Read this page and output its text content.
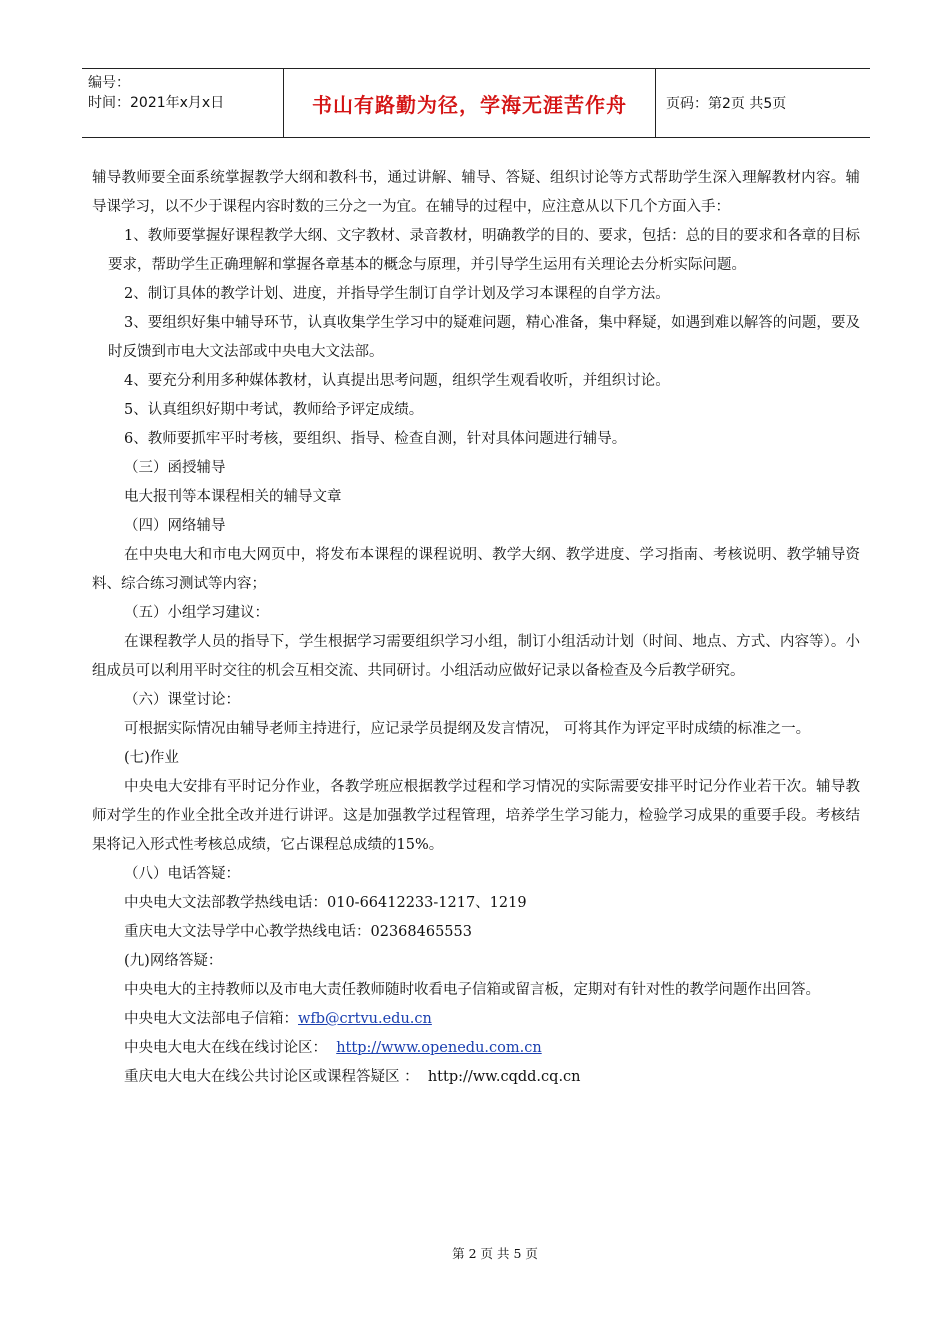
编号：
时间：2021年x月x日	书山有路勤为径，学海无涯苦作舟	页码：第2页 共5页

辅导教师要全面系统掌握教学大纲和教科书，通过讲解、辅导、答疑、组织讨论等方式帮助学生深入理解教材内容。辅导课学习，以不少于课程内容时数的三分之一为宜。在辅导的过程中，应注意从以下几个方面入手：

1、教师要掌握好课程教学大纲、文字教材、录音教材，明确教学的目的、要求，包括：总的目的要求和各章的目标要求，帮助学生正确理解和掌握各章基本的概念与原理，并引导学生运用有关理论去分析实际问题。

2、制订具体的教学计划、进度，并指导学生制订自学计划及学习本课程的自学方法。

3、要组织好集中辅导环节，认真收集学生学习中的疑难问题，精心准备，集中释疑，如遇到难以解答的问题，要及时反馈到市电大文法部或中央电大文法部。

4、要充分利用多种媒体教材，认真提出思考问题，组织学生观看收听，并组织讨论。

5、认真组织好期中考试，教师给予评定成绩。

6、教师要抓牢平时考核，要组织、指导、检查自测，针对具体问题进行辅导。

（三）函授辅导

电大报刊等本课程相关的辅导文章

（四）网络辅导

在中央电大和市电大网页中，将发布本课程的课程说明、教学大纲、教学进度、学习指南、考核说明、教学辅导资料、综合练习测试等内容；

（五）小组学习建议：

在课程教学人员的指导下，学生根据学习需要组织学习小组，制订小组活动计划（时间、地点、方式、内容等）。小组成员可以利用平时交往的机会互相交流、共同研讨。小组活动应做好记录以备检查及今后教学研究。

（六）课堂讨论：

可根据实际情况由辅导老师主持进行，应记录学员提纲及发言情况， 可将其作为评定平时成绩的标准之一。

(七)作业

中央电大安排有平时记分作业，各教学班应根据教学过程和学习情况的实际需要安排平时记分作业若干次。辅导教师对学生的作业全批全改并进行讲评。这是加强教学过程管理，培养学生学习能力，检验学习成果的重要手段。考核结果将记入形式性考核总成绩，它占课程总成绩的15%。

（八）电话答疑：

中央电大文法部教学热线电话：010-66412233-1217、1219

重庆电大文法导学中心教学热线电话：02368465553

(九)网络答疑：

中央电大的主持教师以及市电大责任教师随时收看电子信箱或留言板，定期对有针对性的教学问题作出回答。

中央电大文法部电子信箱：wfb@crtvu.edu.cn

中央电大电大在线在线讨论区： http://www.openedu.com.cn

重庆电大电大在线公共讨论区或课程答疑区 ： http://ww.cqdd.cq.cn

第 2 页 共 5 页
